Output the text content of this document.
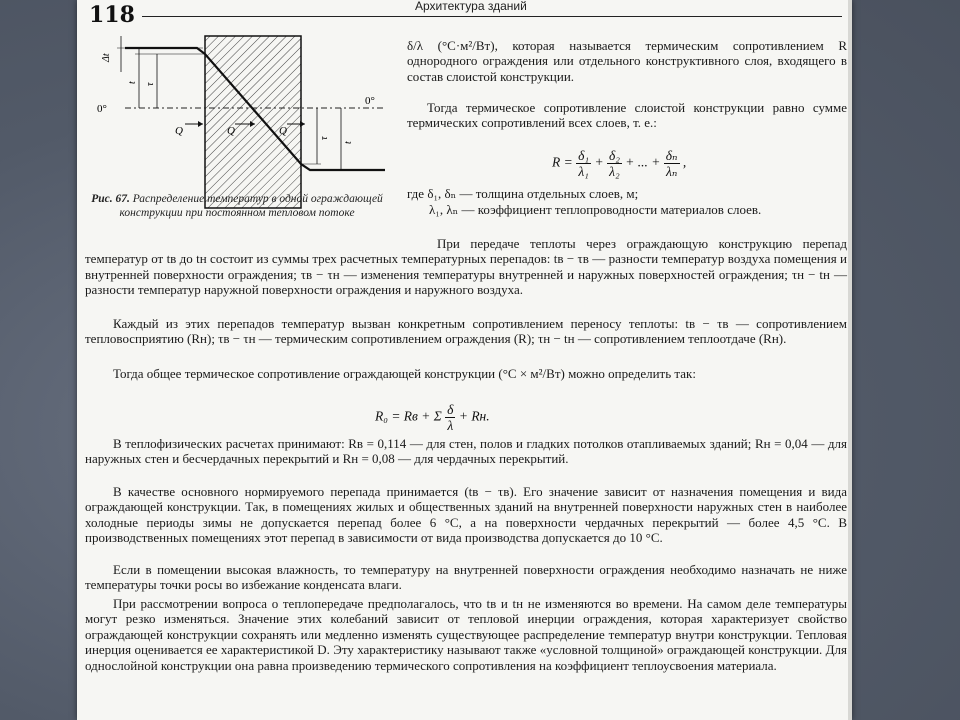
118	Архитектура зданий
0°
0°
Q	Q	Q
Δt
t τ
τ
t
Рис. 67. Распределение температур в одной ограждающей конструкции при постоянном тепловом потоке

δ/λ (°С·м²/Вт), которая называется термическим сопротивлением R однородного ограждения или отдельного конструктивного слоя, входящего в состав слоистой конструкции.

Тогда термическое сопротивление слоистой конструкции равно сумме термических сопротивлений всех слоев, т. е.:

$R = \frac{\text{δ₁}}{\text{λ₁}} + \frac{\text{δ₂}}{\text{λ₂}}$ + ... + $\frac{\text{δₙ}}{\text{λₙ}}$ ,

где δ₁, δₙ — толщина отдельных слоев, м;

λ₁, λₙ — коэффициент теплопроводности материалов слоев.

При передаче теплоты через ограждающую конструкцию перепад температур от tв до tн состоит из суммы трех расчетных температурных перепадов: tв − τв — разности температур воздуха помещения и внутренней поверхности ограждения; τв − τн — изменения температуры внутренней и наружных поверхностей ограждения; τн − tн — разности температур наружной поверхности ограждения и наружного воздуха.

Каждый из этих перепадов температур вызван конкретным сопротивлением переносу теплоты: tв − τв — сопротивлением тепловосприятию (Rн); τв − τн — термическим сопротивлением ограждения (R); τн − tн — сопротивлением теплоотдаче (Rн).

Тогда общее термическое сопротивление ограждающей конструкции (°С × м²/Вт) можно определить так:

R₀ = Rв + Σ $\frac{\delta}{\lambda}$ + Rн.

В теплофизических расчетах принимают: Rв = 0,114 — для стен, полов и гладких потолков отапливаемых зданий; Rн = 0,04 — для наружных стен и бесчердачных перекрытий и Rн = 0,08 — для чердачных перекрытий.

В качестве основного нормируемого перепада принимается (tв − τв). Его значение зависит от назначения помещения и вида ограждающей конструкции. Так, в помещениях жилых и общественных зданий на внутренней поверхности наружных стен в наиболее холодные периоды зимы не допускается перепад более 6 °С, а на поверхности чердачных перекрытий — более 4,5 °С. В производственных помещениях этот перепад в зависимости от вида производства допускается до 10 °С.

Если в помещении высокая влажность, то температуру на внутренней поверхности ограждения необходимо назначать не ниже температуры точки росы во избежание конденсата влаги.

При рассмотрении вопроса о теплопередаче предполагалось, что tв и tн не изменяются во времени. На самом деле температуры могут резко изменяться. Значение этих колебаний зависит от тепловой инерции ограждения, которая характеризует свойство ограждающей конструкции сохранять или медленно изменять существующее распределение температур внутри конструкции. Тепловая инерция оценивается ее характеристикой D. Эту характеристику называют также «условной толщиной» ограждающей конструкции. Для однослойной конструкции она равна произведению термического сопротивления на коэффициент теплоусвоения материала.
